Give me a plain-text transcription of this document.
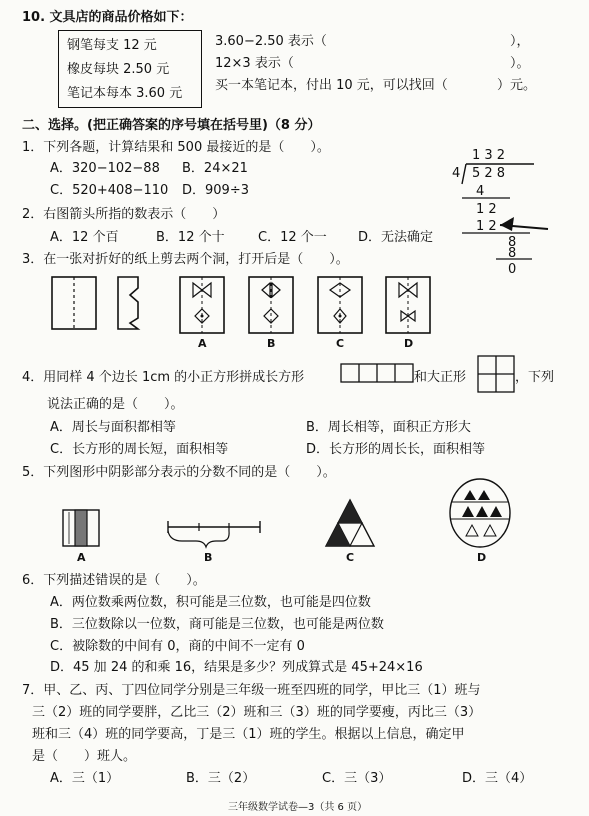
10. 文具店的商品价格如下：
钢笔每支 12 元
橡皮每块 2.50 元
笔记本每本 3.60 元
3.60−2.50 表示（	），
12×3 表示（	）。
买一本笔记本，付出 10 元，可以找回（	）元。
二、选择。(把正确答案的序号填在括号里)（8 分）
1．下列各题，计算结果和 500 最接近的是（　　）。
A．320−102−88 B．24×21
C．520+408−110 D．909÷3
1 3 2
4 5 2 8
4
1 2
1 2
8
8
0
2．右图箭头所指的数表示（　　）
A．12 个百	B．12 个十	C．12 个一 D．无法确定
3．在一张对折好的纸上剪去两个洞，打开后是（　　）。
A	B	C	D
4．用同样 4 个边长 1cm 的小正方形拼成长方形	和大正形	，下列
说法正确的是（　　）。
A．周长与面积都相等	B．周长相等，面积正方形大
C．长方形的周长短，面积相等	D．长方形的周长长，面积相等
5．下列图形中阴影部分表示的分数不同的是（　　）。
A	B	C	D
6．下列描述错误的是（　　）。
A．两位数乘两位数，积可能是三位数，也可能是四位数
B．三位数除以一位数，商可能是三位数，也可能是两位数
C．被除数的中间有 0，商的中间不一定有 0
D．45 加 24 的和乘 16，结果是多少？列成算式是 45+24×16
7．甲、乙、丙、丁四位同学分别是三年级一班至四班的同学，甲比三（1）班与
三（2）班的同学要胖，乙比三（2）班和三（3）班的同学要瘦，丙比三（3）
班和三（4）班的同学要高，丁是三（1）班的学生。根据以上信息，确定甲
是（　　）班人。
A．三（1）	B．三（2）	C．三（3）	D．三（4）
三年级数学试卷—3（共 6 页）
